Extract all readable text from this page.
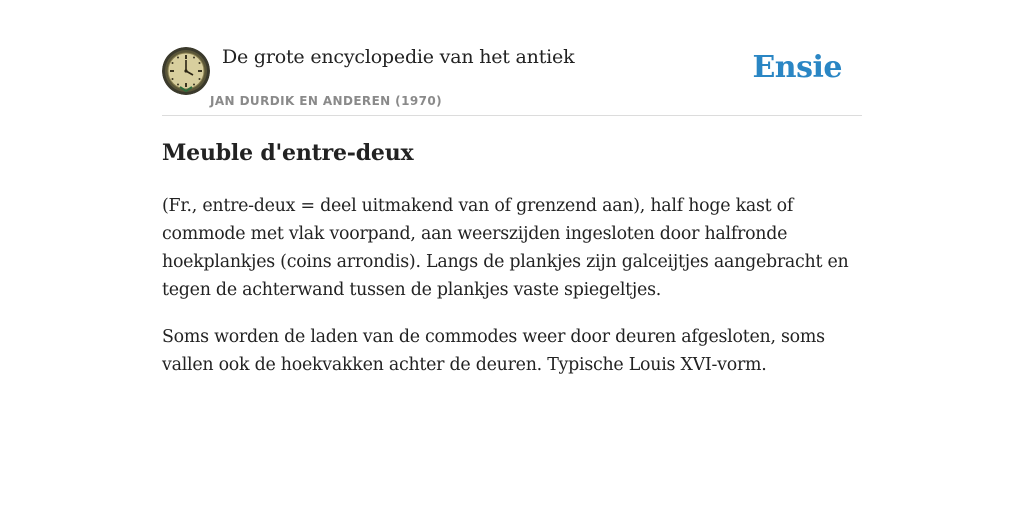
De grote encyclopedie van het antiek
JAN DURDIK EN ANDEREN (1970)
Ensie
Meuble d'entre-deux

(Fr., entre-deux = deel uitmakend van of grenzend aan), half hoge kast of commode met vlak voorpand, aan weerszijden ingesloten door halfronde hoekplankjes (coins arrondis). Langs de plankjes zijn galceijtjes aangebracht en tegen de achterwand tussen de plankjes vaste spiegeltjes.

Soms worden de laden van de commodes weer door deuren afgesloten, soms vallen ook de hoekvakken achter de deuren. Typische Louis XVI-vorm.
